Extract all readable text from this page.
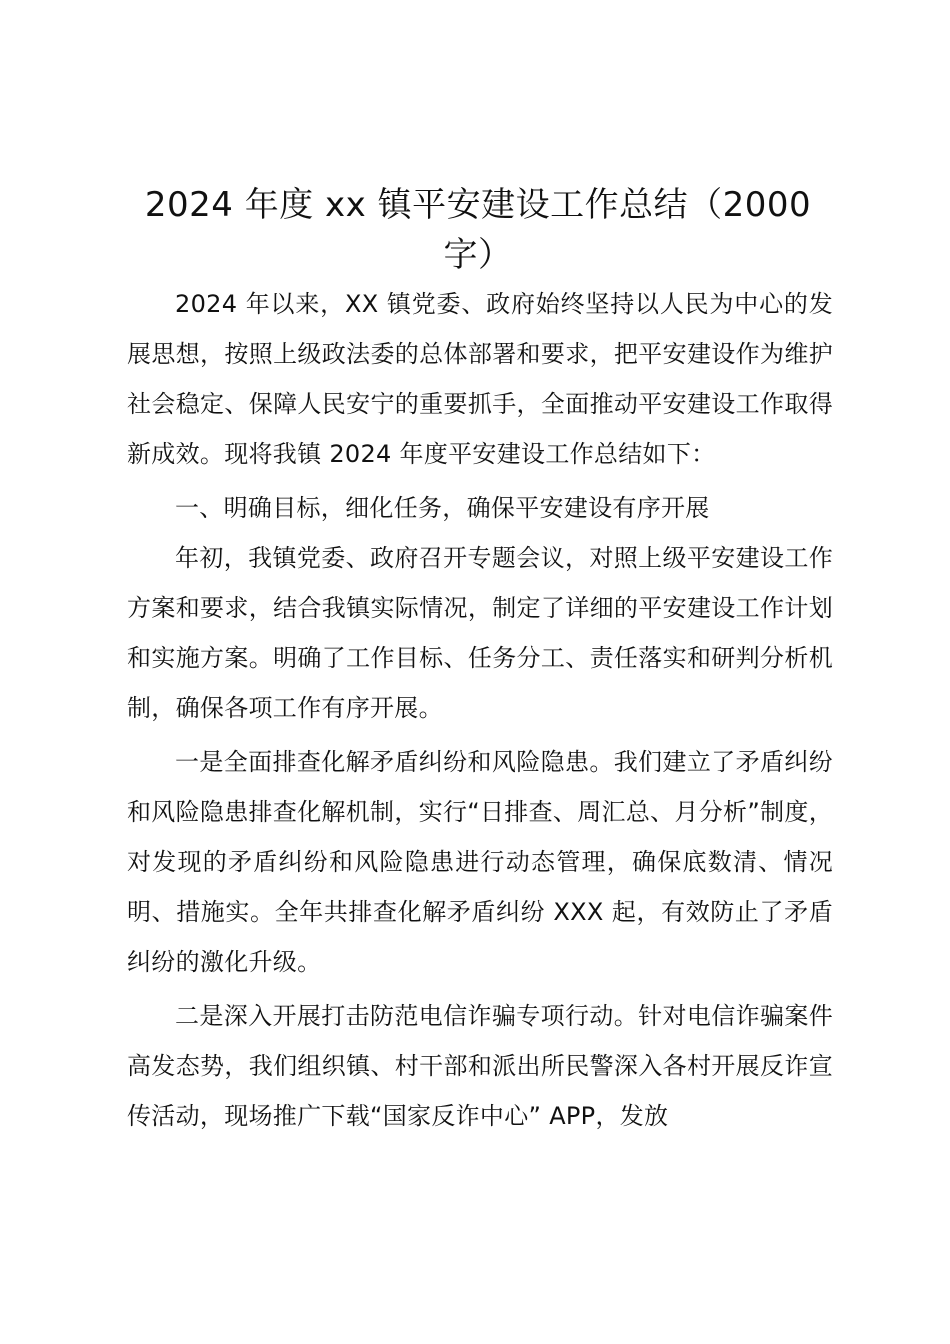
2024 年度 xx 镇平安建设工作总结（2000字）

2024 年以来，XX 镇党委、政府始终坚持以人民为中心的发展思想，按照上级政法委的总体部署和要求，把平安建设作为维护社会稳定、保障人民安宁的重要抓手，全面推动平安建设工作取得新成效。现将我镇 2024 年度平安建设工作总结如下：

一、明确目标，细化任务，确保平安建设有序开展

年初，我镇党委、政府召开专题会议，对照上级平安建设工作方案和要求，结合我镇实际情况，制定了详细的平安建设工作计划和实施方案。明确了工作目标、任务分工、责任落实和研判分析机制，确保各项工作有序开展。

一是全面排查化解矛盾纠纷和风险隐患。我们建立了矛盾纠纷和风险隐患排查化解机制，实行“日排查、周汇总、月分析”制度，对发现的矛盾纠纷和风险隐患进行动态管理，确保底数清、情况明、措施实。全年共排查化解矛盾纠纷 XXX 起，有效防止了矛盾纠纷的激化升级。

二是深入开展打击防范电信诈骗专项行动。针对电信诈骗案件高发态势，我们组织镇、村干部和派出所民警深入各村开展反诈宣传活动，现场推广下载“国家反诈中心” APP，发放
